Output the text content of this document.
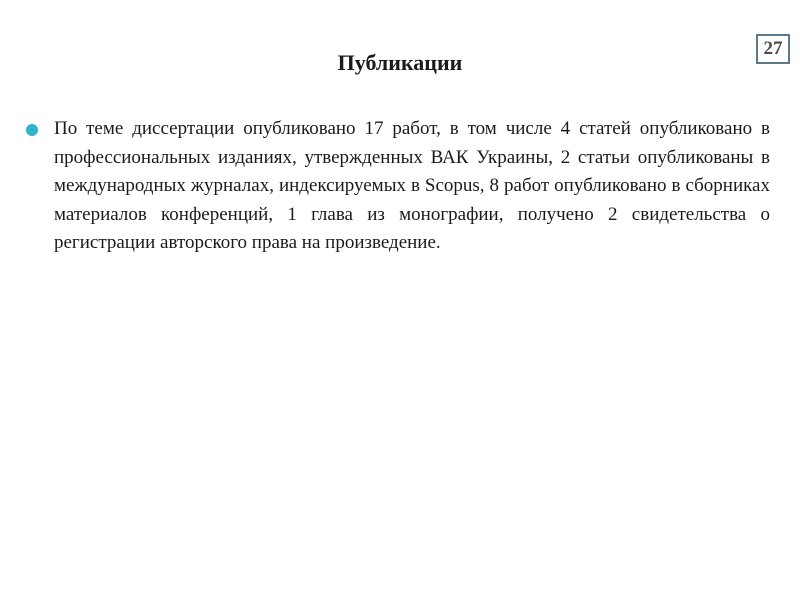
27
Публикации

По теме диссертации опубликовано 17 работ, в том числе 4 статей опубликовано в профессиональных изданиях, утвержденных ВАК Украины, 2 статьи опубликованы в международных журналах, индексируемых в Scopus, 8 работ опубликовано в сборниках материалов конференций, 1 глава из монографии, получено 2 свидетельства о регистрации авторского права на произведение.
